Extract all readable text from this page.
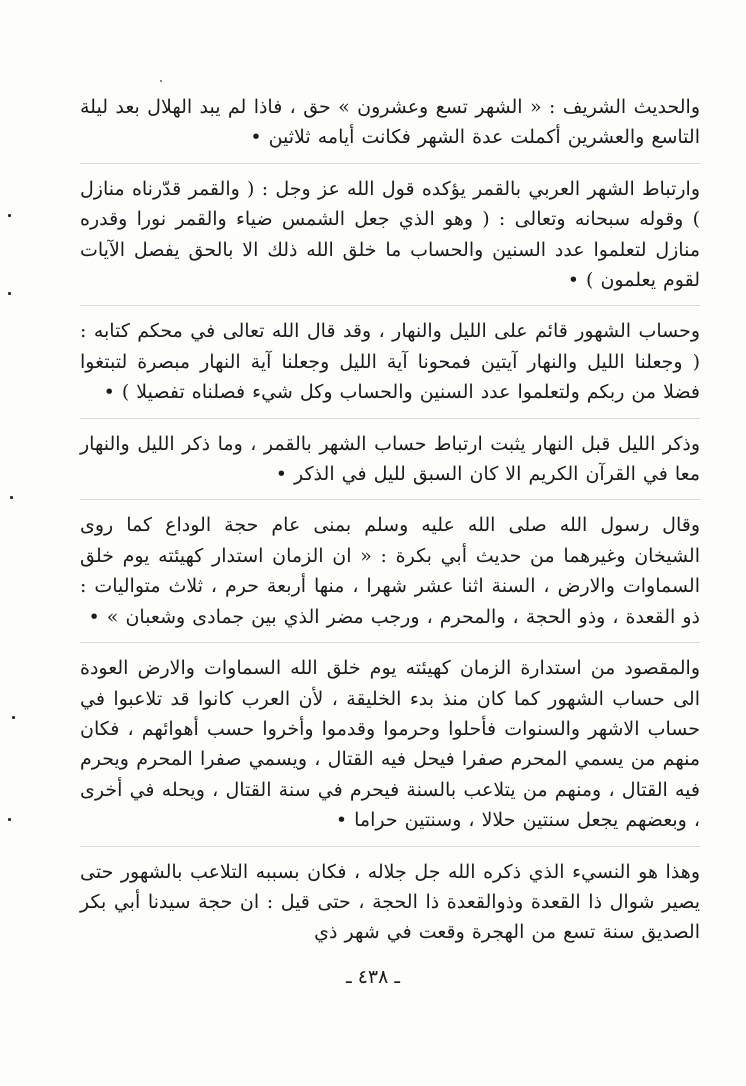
والحديث الشريف : « الشهر تسع وعشرون » حق ، فاذا لم يبد الهلال بعد ليلة التاسع والعشرين أكملت عدة الشهر فكانت أيامه ثلاثين •

وارتباط الشهر العربي بالقمر يؤكده قول الله عز وجل : ( والقمر قدّرناه منازل ) وقوله سبحانه وتعالى : ( وهو الذي جعل الشمس ضياء والقمر نورا وقدره منازل لتعلموا عدد السنين والحساب ما خلق الله ذلك الا بالحق يفصل الآيات لقوم يعلمون ) •

وحساب الشهور قائم على الليل والنهار ، وقد قال الله تعالى في محكم كتابه : ( وجعلنا الليل والنهار آيتين فمحونا آية الليل وجعلنا آية النهار مبصرة لتبتغوا فضلا من ربكم ولتعلموا عدد السنين والحساب وكل شيء فصلناه تفصيلا ) •

وذكر الليل قبل النهار يثبت ارتباط حساب الشهر بالقمر ، وما ذكر الليل والنهار معا في القرآن الكريم الا كان السبق لليل في الذكر •

وقال رسول الله صلى الله عليه وسلم بمنى عام حجة الوداع كما روى الشيخان وغيرهما من حديث أبي بكرة : « ان الزمان استدار كهيئته يوم خلق السماوات والارض ، السنة اثنا عشر شهرا ، منها أربعة حرم ، ثلاث متواليات : ذو القعدة ، وذو الحجة ، والمحرم ، ورجب مضر الذي بين جمادى وشعبان » •

والمقصود من استدارة الزمان كهيئته يوم خلق الله السماوات والارض العودة الى حساب الشهور كما كان منذ بدء الخليقة ، لأن العرب كانوا قد تلاعبوا في حساب الاشهر والسنوات فأحلوا وحرموا وقدموا وأخروا حسب أهوائهم ، فكان منهم من يسمي المحرم صفرا فيحل فيه القتال ، ويسمي صفرا المحرم ويحرم فيه القتال ، ومنهم من يتلاعب بالسنة فيحرم في سنة القتال ، ويحله في أخرى ، وبعضهم يجعل سنتين حلالا ، وسنتين حراما •

وهذا هو النسيء الذي ذكره الله جل جلاله ، فكان بسببه التلاعب بالشهور حتى يصير شوال ذا القعدة وذوالقعدة ذا الحجة ، حتى قيل : ان حجة سيدنا أبي بكر الصديق سنة تسع من الهجرة وقعت في شهر ذي

ـ ٤٣٨ ـ
